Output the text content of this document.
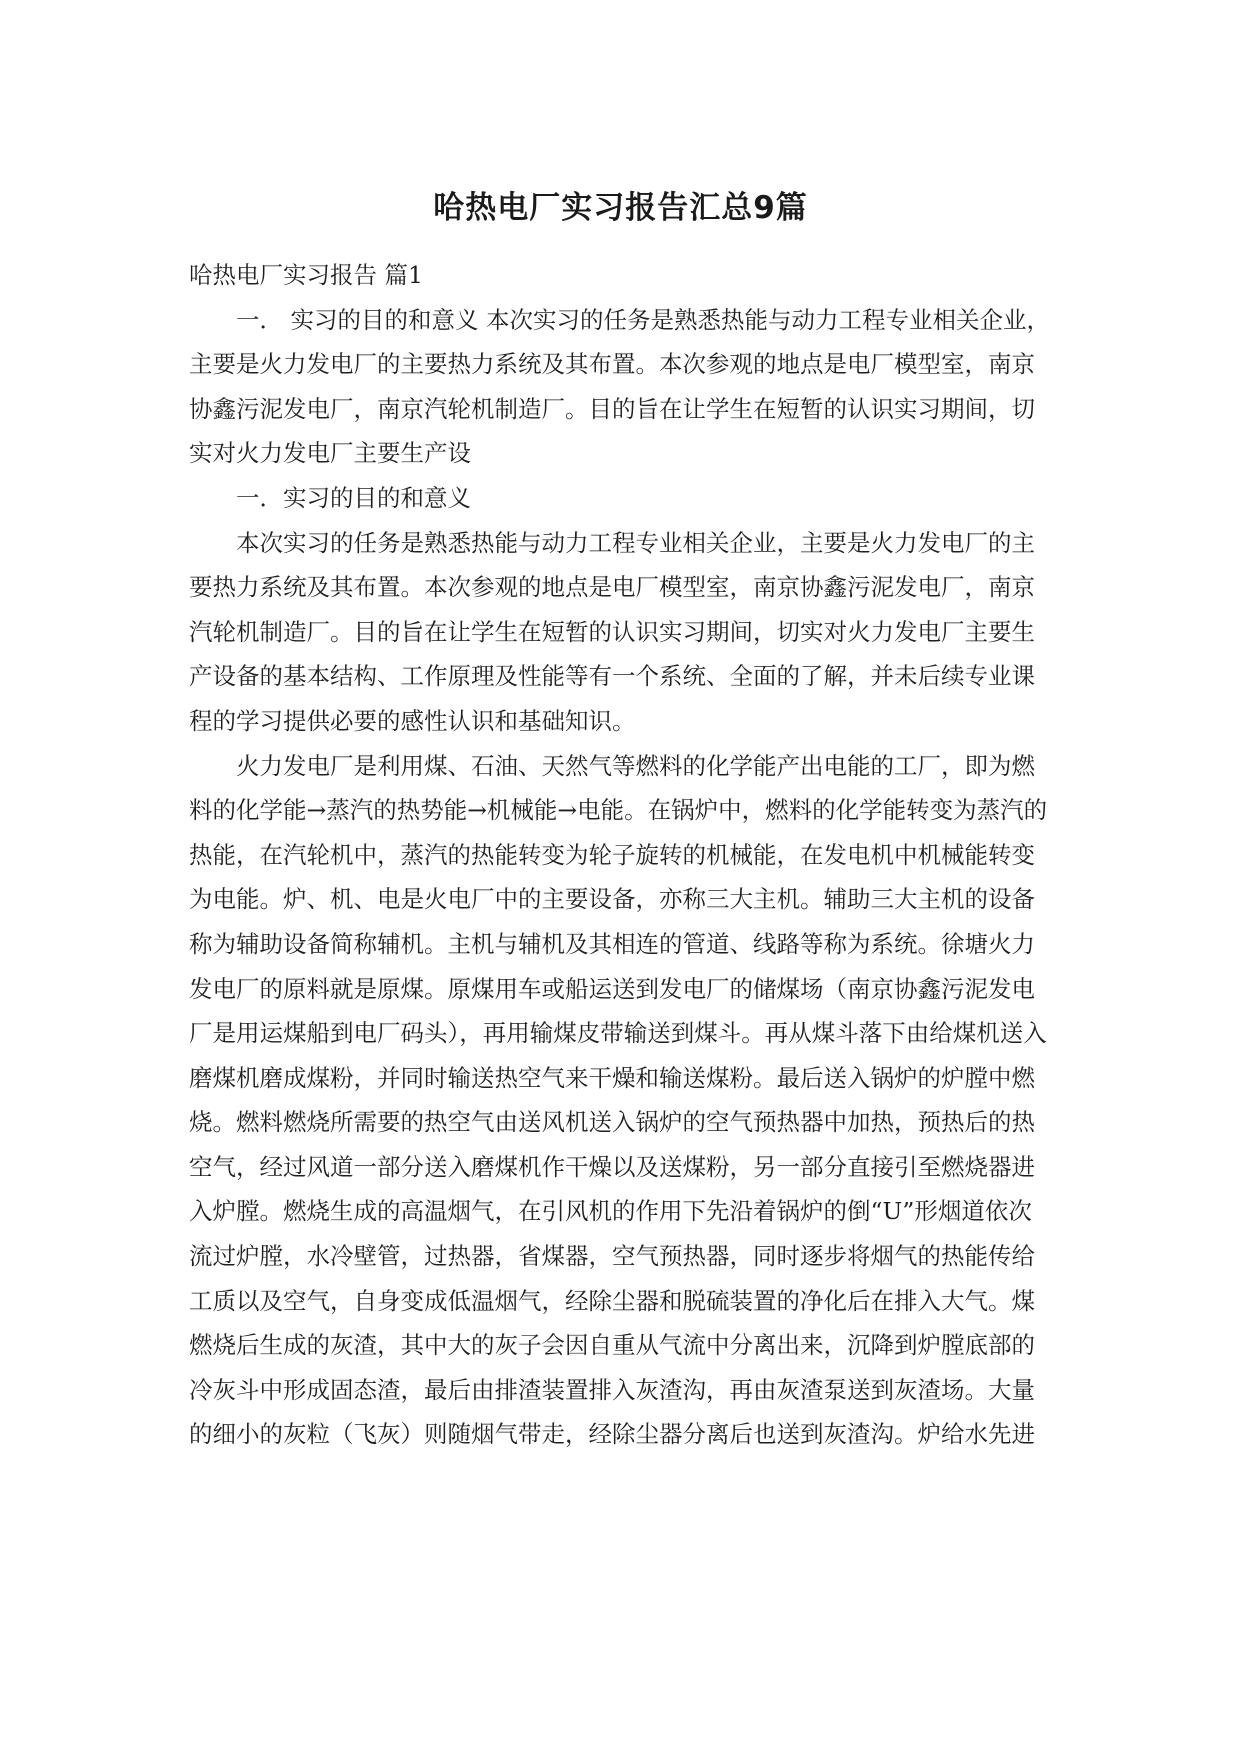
哈热电厂实习报告汇总9篇

哈热电厂实习报告 篇1

一． 实习的目的和意义 本次实习的任务是熟悉热能与动力工程专业相关企业，主要是火力发电厂的主要热力系统及其布置。本次参观的地点是电厂模型室，南京协鑫污泥发电厂，南京汽轮机制造厂。目的旨在让学生在短暂的认识实习期间，切实对火力发电厂主要生产设

一．实习的目的和意义

本次实习的任务是熟悉热能与动力工程专业相关企业，主要是火力发电厂的主要热力系统及其布置。本次参观的地点是电厂模型室，南京协鑫污泥发电厂，南京汽轮机制造厂。目的旨在让学生在短暂的认识实习期间，切实对火力发电厂主要生产设备的基本结构、工作原理及性能等有一个系统、全面的了解，并未后续专业课程的学习提供必要的感性认识和基础知识。

火力发电厂是利用煤、石油、天然气等燃料的化学能产出电能的工厂，即为燃料的化学能→蒸汽的热势能→机械能→电能。在锅炉中，燃料的化学能转变为蒸汽的热能，在汽轮机中，蒸汽的热能转变为轮子旋转的机械能，在发电机中机械能转变为电能。炉、机、电是火电厂中的主要设备，亦称三大主机。辅助三大主机的设备称为辅助设备简称辅机。主机与辅机及其相连的管道、线路等称为系统。徐塘火力发电厂的原料就是原煤。原煤用车或船运送到发电厂的储煤场（南京协鑫污泥发电厂是用运煤船到电厂码头），再用输煤皮带输送到煤斗。再从煤斗落下由给煤机送入磨煤机磨成煤粉，并同时输送热空气来干燥和输送煤粉。最后送入锅炉的炉膛中燃烧。燃料燃烧所需要的热空气由送风机送入锅炉的空气预热器中加热，预热后的热空气，经过风道一部分送入磨煤机作干燥以及送煤粉，另一部分直接引至燃烧器进入炉膛。燃烧生成的高温烟气，在引风机的作用下先沿着锅炉的倒“U”形烟道依次流过炉膛，水冷壁管，过热器，省煤器，空气预热器，同时逐步将烟气的热能传给工质以及空气，自身变成低温烟气，经除尘器和脱硫装置的净化后在排入大气。煤燃烧后生成的灰渣，其中大的灰子会因自重从气流中分离出来，沉降到炉膛底部的冷灰斗中形成固态渣，最后由排渣装置排入灰渣沟，再由灰渣泵送到灰渣场。大量的细小的灰粒（飞灰）则随烟气带走，经除尘器分离后也送到灰渣沟。炉给水先进
